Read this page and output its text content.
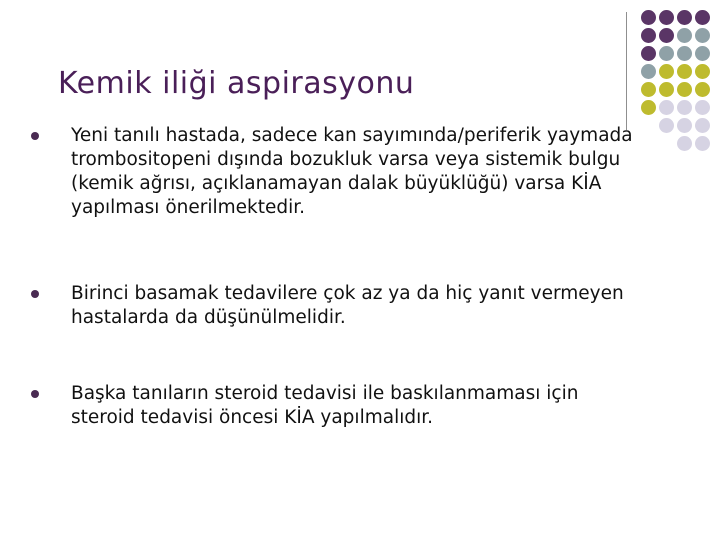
Kemik iliği aspirasyonu
Yeni tanılı hastada, sadece kan sayımında/periferik yaymada trombositopeni dışında bozukluk varsa veya sistemik bulgu (kemik ağrısı, açıklanamayan dalak büyüklüğü) varsa KİA yapılması önerilmektedir.
Birinci basamak tedavilere çok az ya da hiç yanıt vermeyen hastalarda da düşünülmelidir.
Başka tanıların steroid tedavisi ile baskılanmaması için steroid tedavisi öncesi KİA yapılmalıdır.
